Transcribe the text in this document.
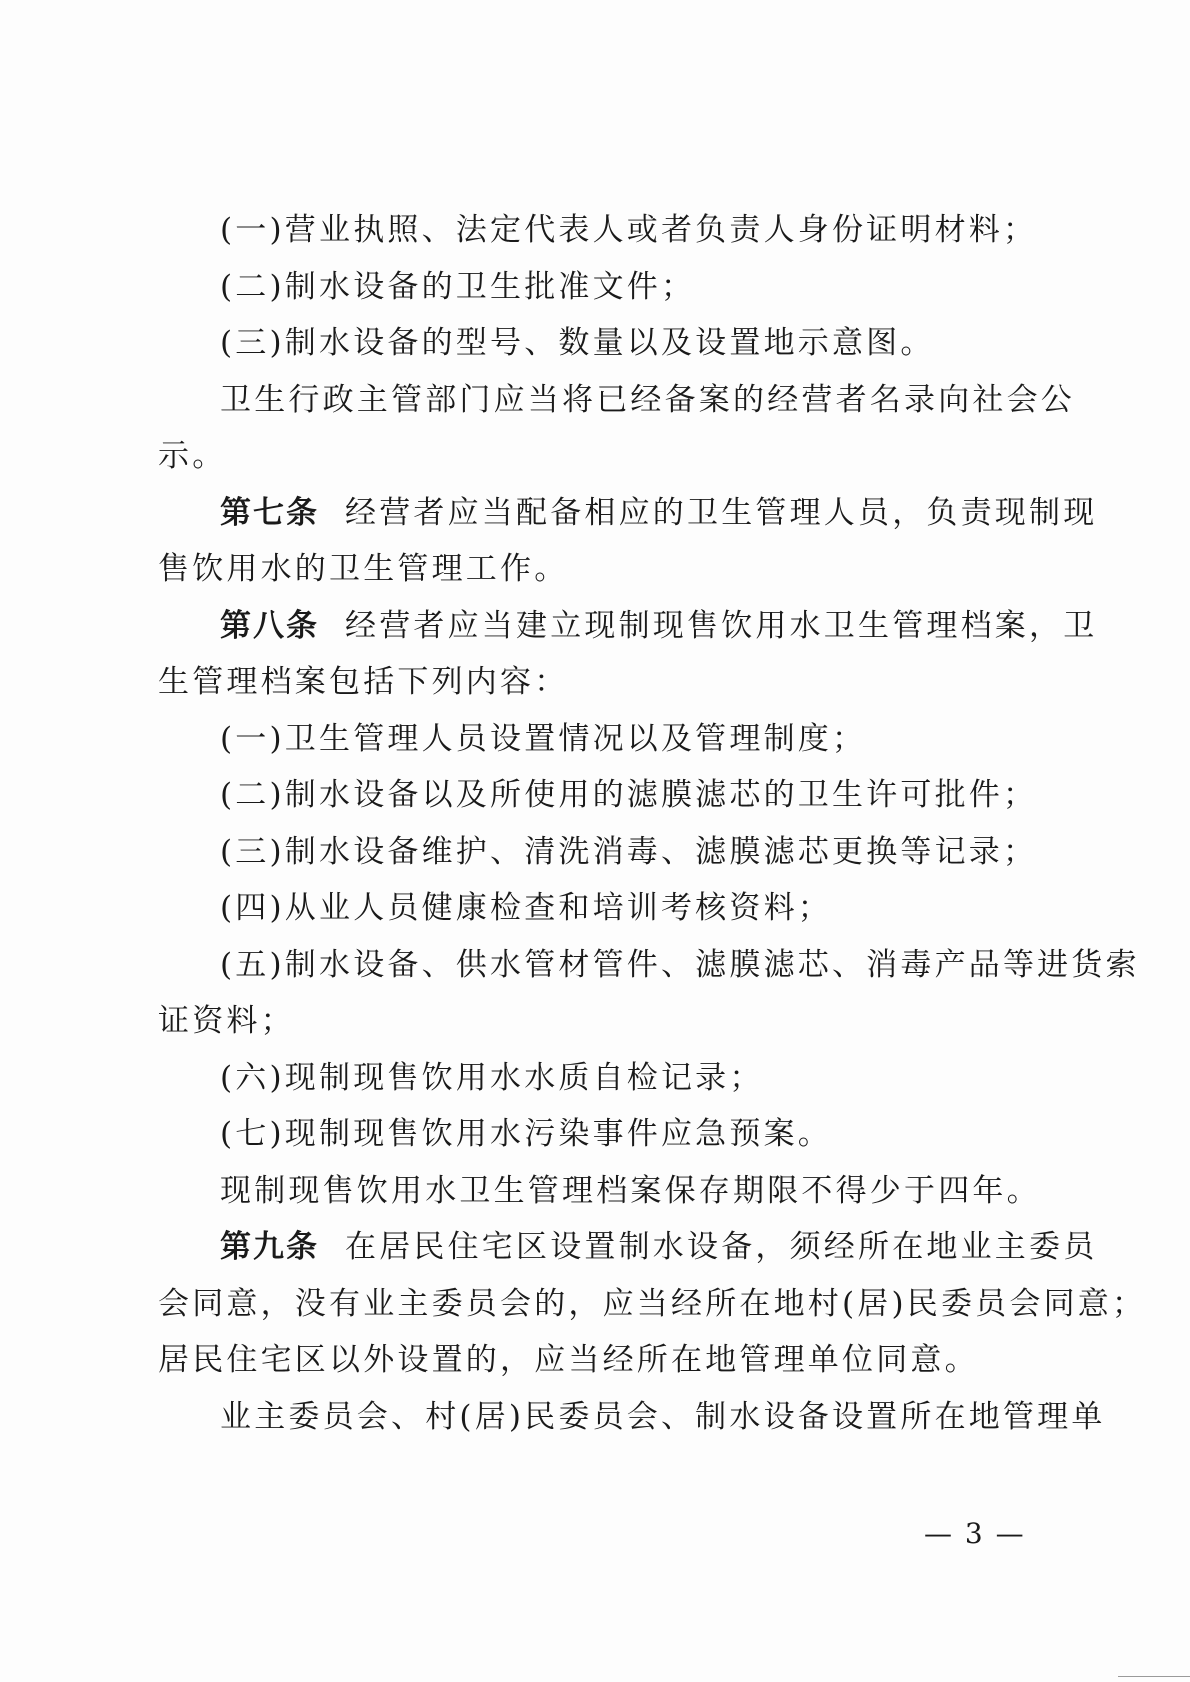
(一)营业执照、法定代表人或者负责人身份证明材料；
(二)制水设备的卫生批准文件；
(三)制水设备的型号、数量以及设置地示意图。
卫生行政主管部门应当将已经备案的经营者名录向社会公
示。
第七条 经营者应当配备相应的卫生管理人员，负责现制现
售饮用水的卫生管理工作。
第八条 经营者应当建立现制现售饮用水卫生管理档案，卫
生管理档案包括下列内容：
(一)卫生管理人员设置情况以及管理制度；
(二)制水设备以及所使用的滤膜滤芯的卫生许可批件；
(三)制水设备维护、清洗消毒、滤膜滤芯更换等记录；
(四)从业人员健康检查和培训考核资料；
(五)制水设备、供水管材管件、滤膜滤芯、消毒产品等进货索
证资料；
(六)现制现售饮用水水质自检记录；
(七)现制现售饮用水污染事件应急预案。
现制现售饮用水卫生管理档案保存期限不得少于四年。
第九条 在居民住宅区设置制水设备，须经所在地业主委员
会同意，没有业主委员会的，应当经所在地村(居)民委员会同意；
居民住宅区以外设置的，应当经所在地管理单位同意。
业主委员会、村(居)民委员会、制水设备设置所在地管理单
— 3 —
